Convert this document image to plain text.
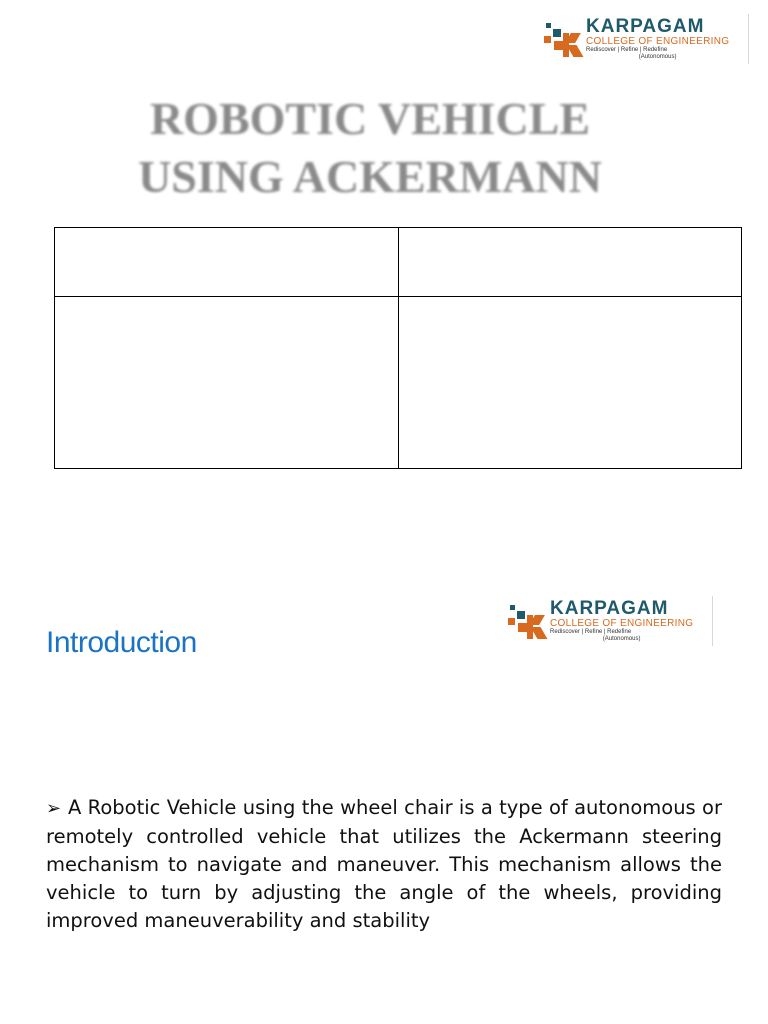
KARPAGAM
COLLEGE OF ENGINEERING
Rediscover | Refine | Redefine
(Autonomous)
ROBOTIC VEHICLE
USING ACKERMANN

KARPAGAM
COLLEGE OF ENGINEERING
Rediscover | Refine | Redefine
(Autonomous)
Introduction
➢ A Robotic Vehicle using the wheel chair is a type of autonomous or remotely controlled vehicle that utilizes the Ackermann steering mechanism to navigate and maneuver. This mechanism allows the vehicle to turn by adjusting the angle of the wheels, providing improved maneuverability and stability
